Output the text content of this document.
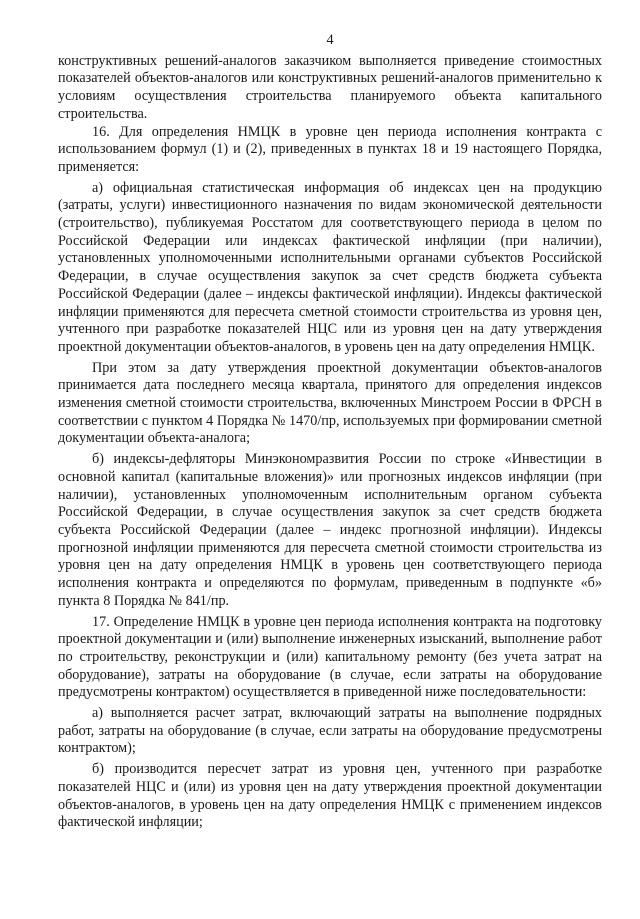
4

конструктивных решений-аналогов заказчиком выполняется приведение стоимостных показателей объектов-аналогов или конструктивных решений-аналогов применительно к условиям осуществления строительства планируемого объекта капитального строительства.

16. Для определения НМЦК в уровне цен периода исполнения контракта с использованием формул (1) и (2), приведенных в пунктах 18 и 19 настоящего Порядка, применяется:

а) официальная статистическая информация об индексах цен на продукцию (затраты, услуги) инвестиционного назначения по видам экономической деятельности (строительство), публикуемая Росстатом для соответствующего периода в целом по Российской Федерации или индексах фактической инфляции (при наличии), установленных уполномоченными исполнительными органами субъектов Российской Федерации, в случае осуществления закупок за счет средств бюджета субъекта Российской Федерации (далее – индексы фактической инфляции). Индексы фактической инфляции применяются для пересчета сметной стоимости строительства из уровня цен, учтенного при разработке показателей НЦС или из уровня цен на дату утверждения проектной документации объектов-аналогов, в уровень цен на дату определения НМЦК.

При этом за дату утверждения проектной документации объектов-аналогов принимается дата последнего месяца квартала, принятого для определения индексов изменения сметной стоимости строительства, включенных Минстроем России в ФРСН в соответствии с пунктом 4 Порядка № 1470/пр, используемых при формировании сметной документации объекта-аналога;

б) индексы-дефляторы Минэкономразвития России по строке «Инвестиции в основной капитал (капитальные вложения)» или прогнозных индексов инфляции (при наличии), установленных уполномоченным исполнительным органом субъекта Российской Федерации, в случае осуществления закупок за счет средств бюджета субъекта Российской Федерации (далее – индекс прогнозной инфляции). Индексы прогнозной инфляции применяются для пересчета сметной стоимости строительства из уровня цен на дату определения НМЦК в уровень цен соответствующего периода исполнения контракта и определяются по формулам, приведенным в подпункте «б» пункта 8 Порядка № 841/пр.

17. Определение НМЦК в уровне цен периода исполнения контракта на подготовку проектной документации и (или) выполнение инженерных изысканий, выполнение работ по строительству, реконструкции и (или) капитальному ремонту (без учета затрат на оборудование), затраты на оборудование (в случае, если затраты на оборудование предусмотрены контрактом) осуществляется в приведенной ниже последовательности:

а) выполняется расчет затрат, включающий затраты на выполнение подрядных работ, затраты на оборудование (в случае, если затраты на оборудование предусмотрены контрактом);

б) производится пересчет затрат из уровня цен, учтенного при разработке показателей НЦС и (или) из уровня цен на дату утверждения проектной документации объектов-аналогов, в уровень цен на дату определения НМЦК с применением индексов фактической инфляции;
